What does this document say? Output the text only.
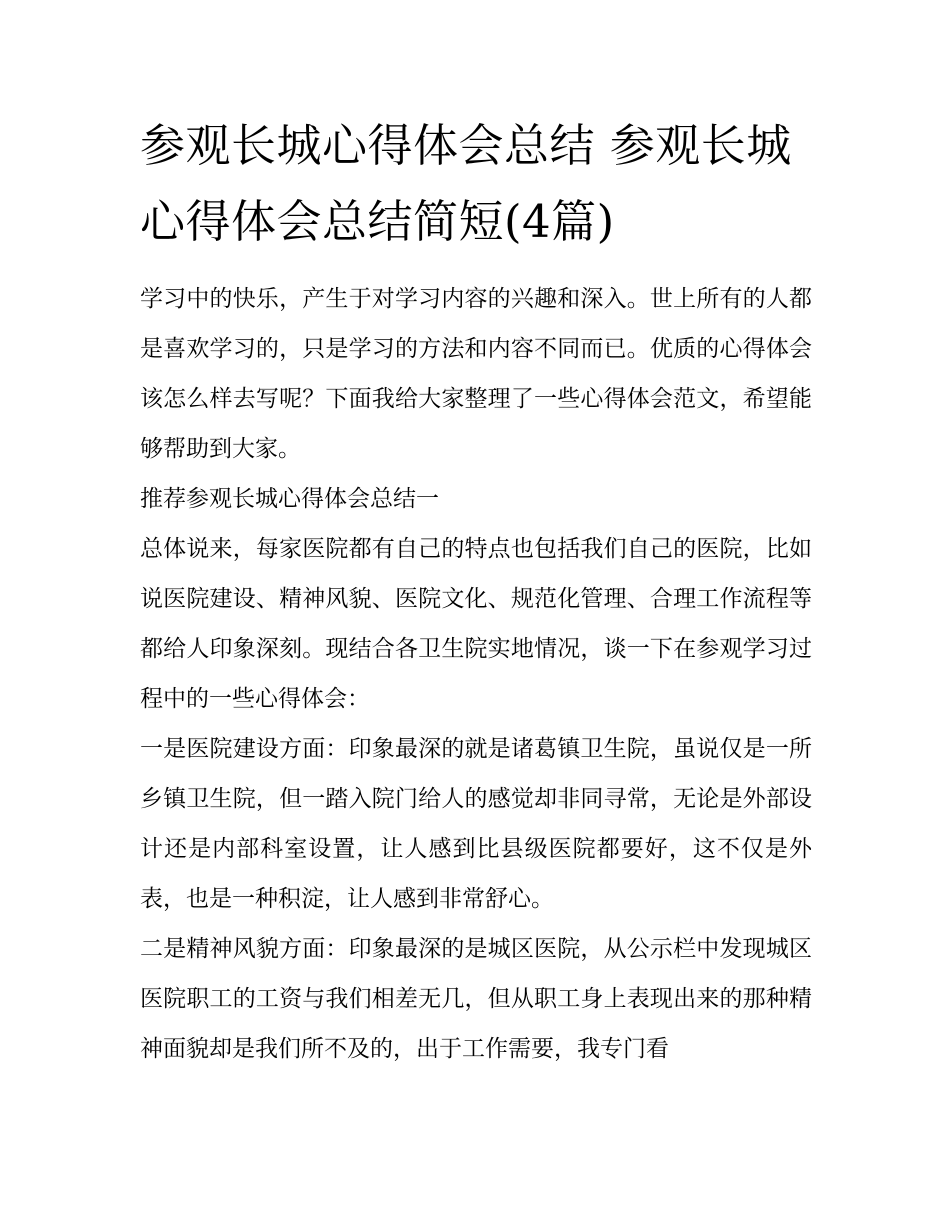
参观长城心得体会总结 参观长城心得体会总结简短(4篇)

学习中的快乐，产生于对学习内容的兴趣和深入。世上所有的人都是喜欢学习的，只是学习的方法和内容不同而已。优质的心得体会该怎么样去写呢？下面我给大家整理了一些心得体会范文，希望能够帮助到大家。

推荐参观长城心得体会总结一

总体说来，每家医院都有自己的特点也包括我们自己的医院，比如说医院建设、精神风貌、医院文化、规范化管理、合理工作流程等都给人印象深刻。现结合各卫生院实地情况，谈一下在参观学习过程中的一些心得体会：

一是医院建设方面：印象最深的就是诸葛镇卫生院，虽说仅是一所乡镇卫生院，但一踏入院门给人的感觉却非同寻常，无论是外部设计还是内部科室设置，让人感到比县级医院都要好，这不仅是外表，也是一种积淀，让人感到非常舒心。

二是精神风貌方面：印象最深的是城区医院，从公示栏中发现城区医院职工的工资与我们相差无几，但从职工身上表现出来的那种精神面貌却是我们所不及的，出于工作需要，我专门看
